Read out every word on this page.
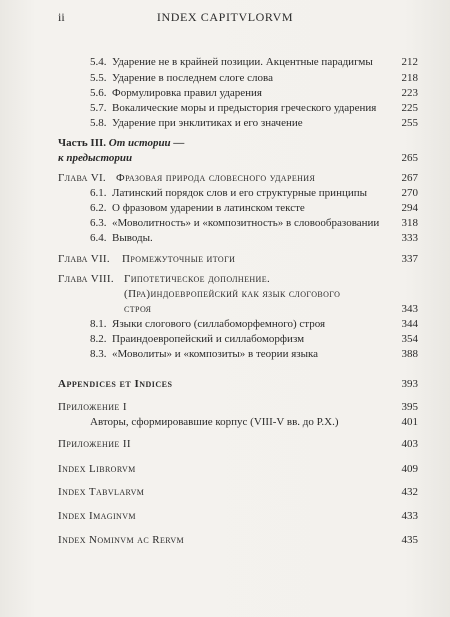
ii	INDEX CAPITVLORVM
5.4. Ударение не в крайней позиции. Акцентные парадигмы	212
5.5. Ударение в последнем слоге слова	218
5.6. Формулировка правил ударения	223
5.7. Вокалические моры и предыстория греческого ударения 225
5.8. Ударение при энклитиках и его значение	255
Часть III. От истории —
к предыстории	265
Глава VI. Фразовая природа словесного ударения	267
6.1. Латинский порядок слов и его структурные принципы	270
6.2. О фразовом ударении в латинском тексте	294
6.3. «Моволитность» и «композитность» в словообразовании 318
6.4. Выводы.	333
Глава VII. Промежуточные итоги	337
Глава VIII. Гипотетическое дополнение.
(Пра)индоевропейский как язык слогового
строя	343
8.1. Языки слогового (силлабоморфемного) строя	344
8.2. Праиндоевропейский и силлабоморфизм	354
8.3. «Моволиты» и «композиты» в теории языка	388
Appendices et Indices	393
Приложение I	395
Авторы, сформировавшие корпус (VIII-V вв. до Р.Х.)	401
Приложение II	403
Index Librorvm	409
Index Tabvlarvm	432
Index Imaginvm	433
Index Nominvm ac Rervm	435
